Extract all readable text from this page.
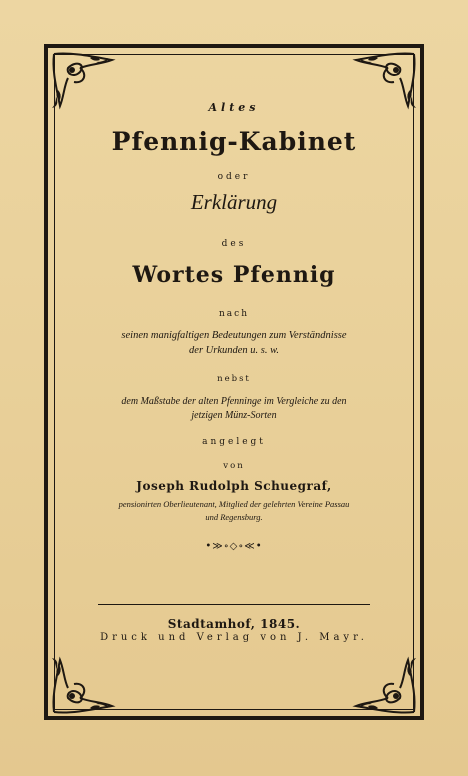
Altes
Pfennig-Kabinet
oder
Erklärung
des
Wortes Pfennig
nach
seinen manigfaltigen Bedeutungen zum Verständnisse
der Urkunden u. s. w.
nebst
dem Maßstabe der alten Pfenninge im Vergleiche zu den
jetzigen Münz-Sorten
angelegt
von
Joseph Rudolph Schuegraf,
pensionirten Oberlieutenant, Mitglied der gelehrten Vereine Passau
und Regensburg.
•≫∘◇∘≪•
Stadtamhof, 1845.
Druck und Verlag von J. Mayr.
